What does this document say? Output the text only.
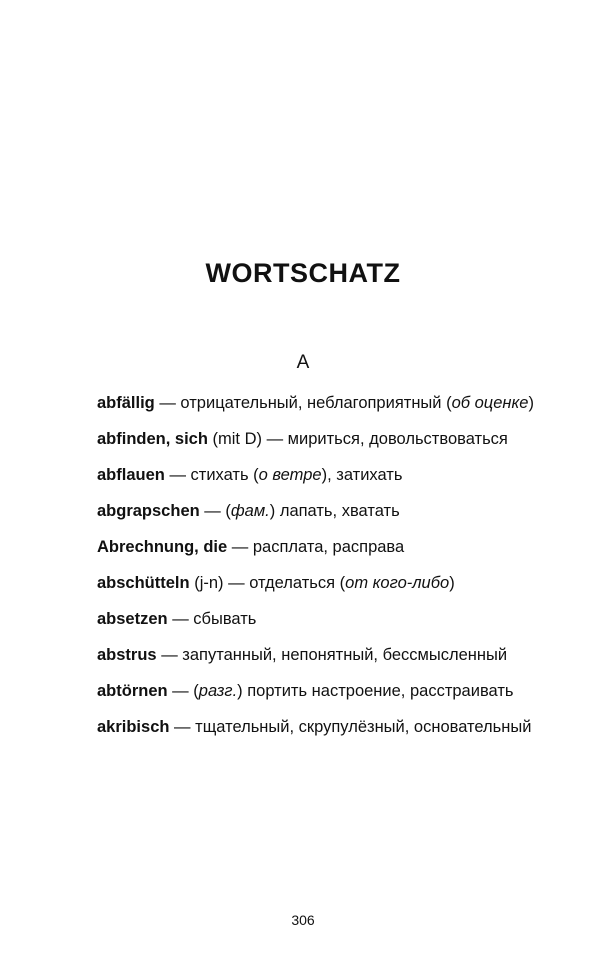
WORTSCHATZ
A
abfällig — отрицательный, неблагоприятный (об оценке)
abfinden, sich (mit D) — мириться, довольствоваться
abflauen — стихать (о ветре), затихать
abgrapschen — (фам.) лапать, хватать
Abrechnung, die — расплата, расправа
abschütteln (j-n) — отделаться (от кого-либо)
absetzen — сбывать
abstrus — запутанный, непонятный, бессмысленный
abtörnen — (разг.) портить настроение, расстраивать
akribisch — тщательный, скрупулёзный, основательный
306
